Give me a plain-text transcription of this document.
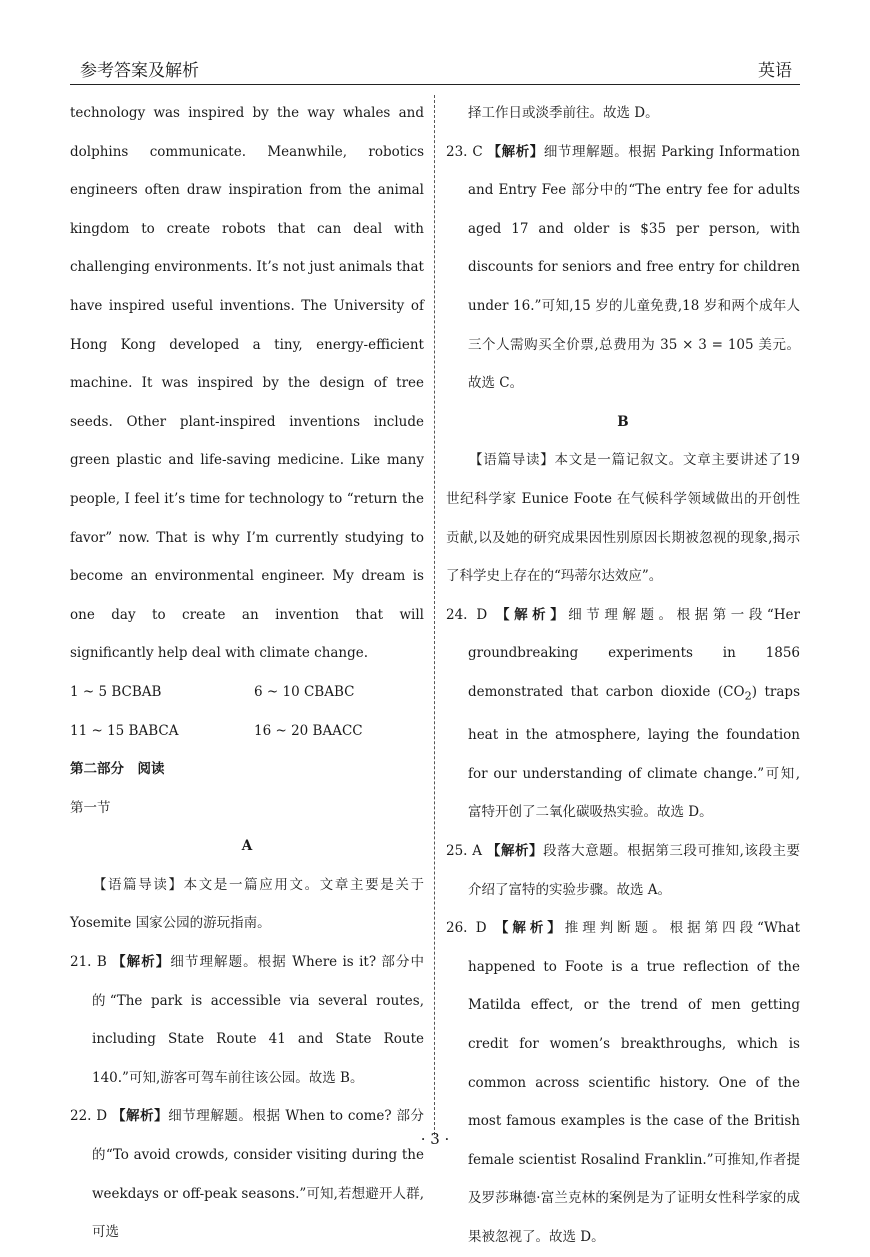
参考答案及解析	英语

technology was inspired by the way whales and dolphins communicate. Meanwhile, robotics engineers often draw inspiration from the animal kingdom to create robots that can deal with challenging environments. It’s not just animals that have inspired useful inventions. The University of Hong Kong developed a tiny, energy-efficient machine. It was inspired by the design of tree seeds. Other plant-inspired inventions include green plastic and life-saving medicine. Like many people, I feel it’s time for technology to “return the favor” now. That is why I’m currently studying to become an environmental engineer. My dream is one day to create an invention that will significantly help deal with climate change.

1 ~ 5 BCBAB	6 ~ 10 CBABC
11 ~ 15 BABCA	16 ~ 20 BAACC

第二部分　阅读

第一节

A

【语篇导读】本文是一篇应用文。文章主要是关于 Yosemite 国家公园的游玩指南。

21. B 【解析】细节理解题。根据 Where is it? 部分中的“The park is accessible via several routes, including State Route 41 and State Route 140.”可知,游客可驾车前往该公园。故选 B。

22. D 【解析】细节理解题。根据 When to come? 部分的“To avoid crowds, consider visiting during the weekdays or off-peak seasons.”可知,若想避开人群,可选

择工作日或淡季前往。故选 D。

23. C 【解析】细节理解题。根据 Parking Information and Entry Fee 部分中的“The entry fee for adults aged 17 and older is $35 per person, with discounts for seniors and free entry for children under 16.”可知,15 岁的儿童免费,18 岁和两个成年人三个人需购买全价票,总费用为 35 × 3 = 105 美元。故选 C。

B

【语篇导读】本文是一篇记叙文。文章主要讲述了19 世纪科学家 Eunice Foote 在气候科学领域做出的开创性贡献,以及她的研究成果因性别原因长期被忽视的现象,揭示了科学史上存在的“玛蒂尔达效应”。

24. D 【解析】细节理解题。根据第一段“Her groundbreaking experiments in 1856 demonstrated that carbon dioxide $(CO_2)$ traps heat in the atmosphere, laying the foundation for our understanding of climate change.”可知,富特开创了二氧化碳吸热实验。故选 D。

25. A 【解析】段落大意题。根据第三段可推知,该段主要介绍了富特的实验步骤。故选 A。

26. D 【解析】推理判断题。根据第四段“What happened to Foote is a true reflection of the Matilda effect, or the trend of men getting credit for women’s breakthroughs, which is common across scientific history. One of the most famous examples is the case of the British female scientist Rosalind Franklin.”可推知,作者提及罗莎琳德·富兰克林的案例是为了证明女性科学家的成果被忽视了。故选 D。

· 3 ·
